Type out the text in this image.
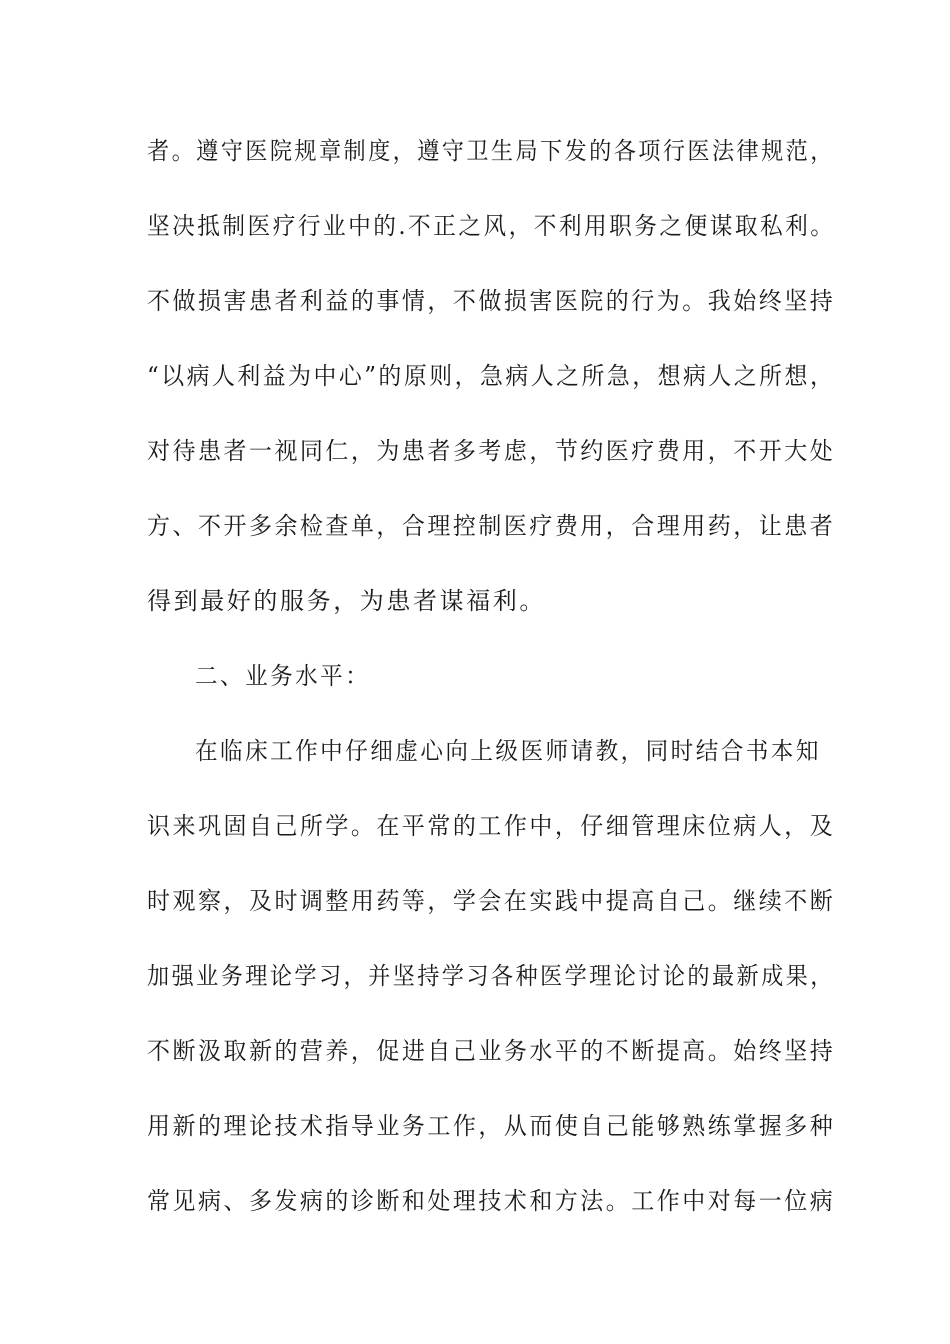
者。遵守医院规章制度，遵守卫生局下发的各项行医法律规范，
坚决抵制医疗行业中的.不正之风，不利用职务之便谋取私利。
不做损害患者利益的事情，不做损害医院的行为。我始终坚持
“以病人利益为中心”的原则，急病人之所急，想病人之所想，
对待患者一视同仁，为患者多考虑，节约医疗费用，不开大处
方、不开多余检查单，合理控制医疗费用，合理用药，让患者
得到最好的服务，为患者谋福利。
二、业务水平：
在临床工作中仔细虚心向上级医师请教，同时结合书本知
识来巩固自己所学。在平常的工作中，仔细管理床位病人，及
时观察，及时调整用药等，学会在实践中提高自己。继续不断
加强业务理论学习，并坚持学习各种医学理论讨论的最新成果，
不断汲取新的营养，促进自己业务水平的不断提高。始终坚持
用新的理论技术指导业务工作，从而使自己能够熟练掌握多种
常见病、多发病的诊断和处理技术和方法。工作中对每一位病
